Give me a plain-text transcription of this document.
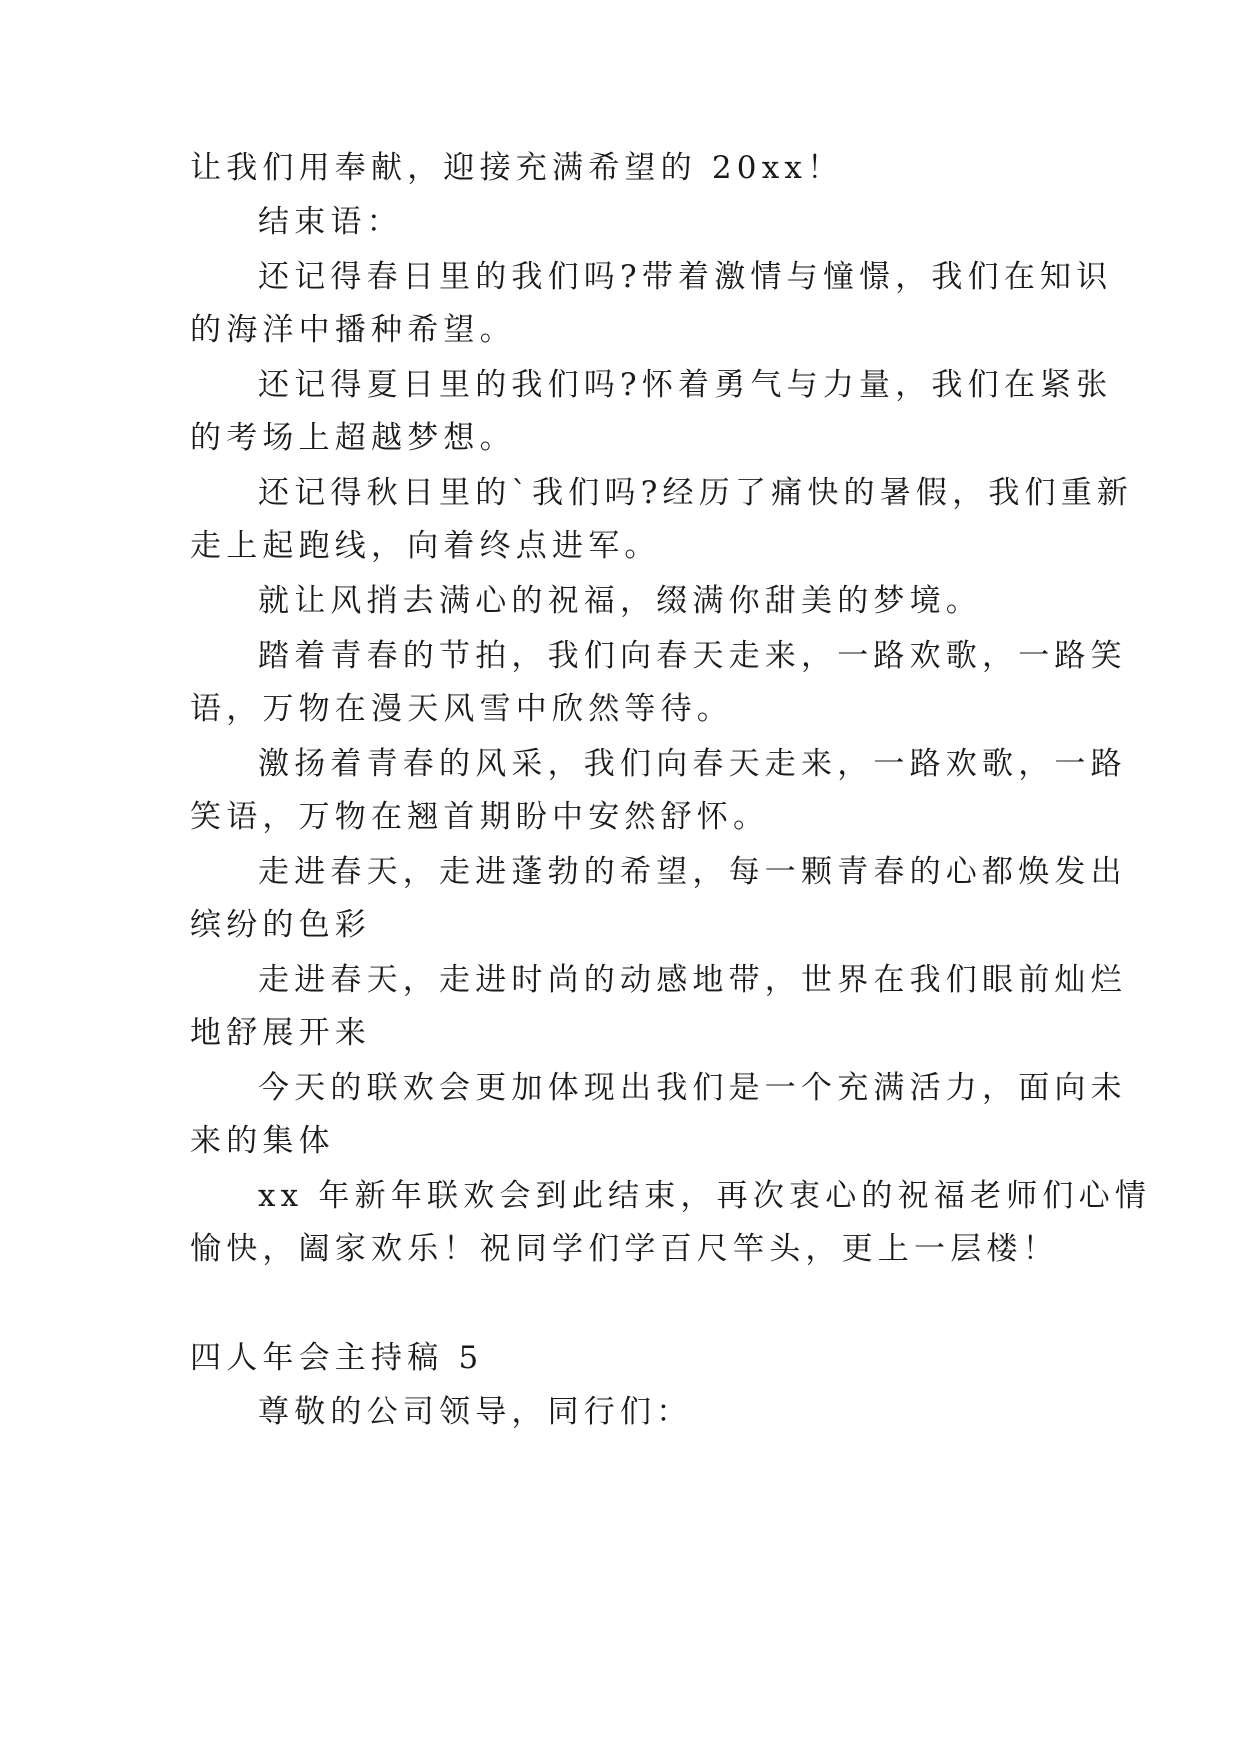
让我们用奉献，迎接充满希望的 20xx！
结束语：
还记得春日里的我们吗?带着激情与憧憬，我们在知识
的海洋中播种希望。
还记得夏日里的我们吗?怀着勇气与力量，我们在紧张
的考场上超越梦想。
还记得秋日里的`我们吗?经历了痛快的暑假，我们重新
走上起跑线，向着终点进军。
就让风捎去满心的祝福，缀满你甜美的梦境。
踏着青春的节拍，我们向春天走来，一路欢歌，一路笑
语，万物在漫天风雪中欣然等待。
激扬着青春的风采，我们向春天走来，一路欢歌，一路
笑语，万物在翘首期盼中安然舒怀。
走进春天，走进蓬勃的希望，每一颗青春的心都焕发出
缤纷的色彩
走进春天，走进时尚的动感地带，世界在我们眼前灿烂
地舒展开来
今天的联欢会更加体现出我们是一个充满活力，面向未
来的集体
xx 年新年联欢会到此结束，再次衷心的祝福老师们心情
愉快，阖家欢乐！祝同学们学百尺竿头，更上一层楼！
四人年会主持稿 5
尊敬的公司领导，同行们：
